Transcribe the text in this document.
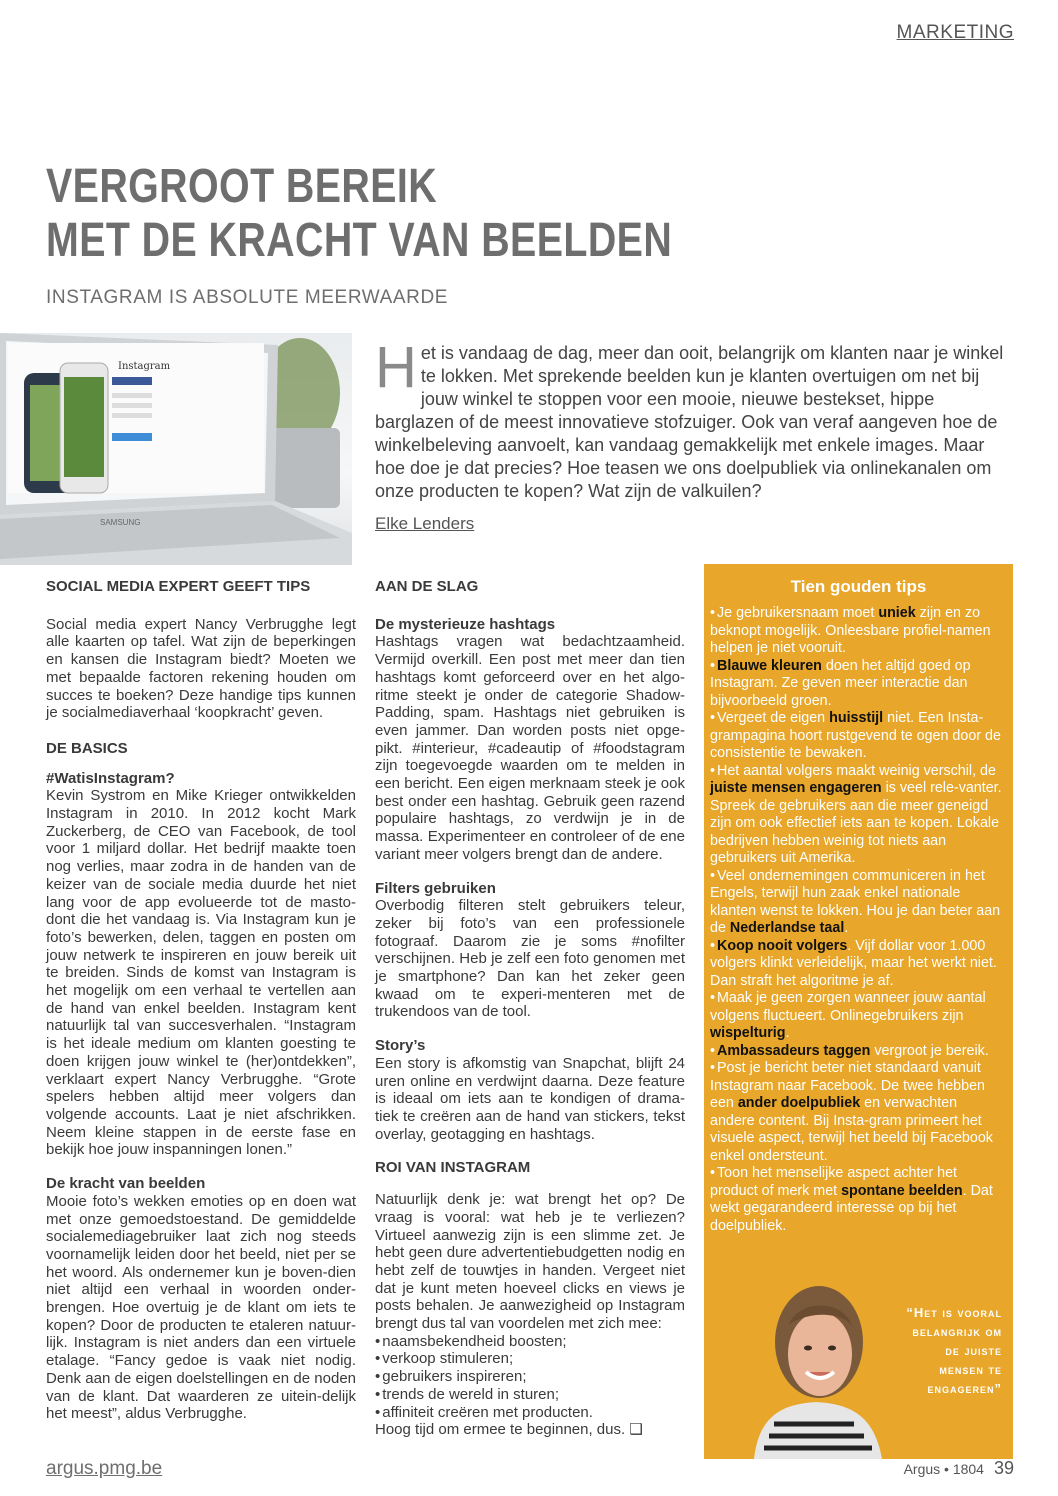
MARKETING
VERGROOT BEREIK
MET DE KRACHT VAN BEELDEN
INSTAGRAM IS ABSOLUTE MEERWAARDE
Instagram
SAMSUNG
Het is vandaag de dag, meer dan ooit, belangrijk om klanten naar je winkel te lokken. Met sprekende beelden kun je klanten overtuigen om net bij jouw winkel te stoppen voor een mooie, nieuwe bestekset, hippe barglazen of de meest innovatieve stofzuiger. Ook van veraf aangeven hoe de winkelbeleving aanvoelt, kan vandaag gemakkelijk met enkele images. Maar hoe doe je dat precies? Hoe teasen we ons doelpubliek via onlinekanalen om onze producten te kopen? Wat zijn de valkuilen?
Elke Lenders
SOCIAL MEDIA EXPERT GEEFT TIPS

Social media expert Nancy Verbrugghe legt alle kaarten op tafel. Wat zijn de beperkingen en kansen die Instagram biedt? Moeten we met bepaalde factoren rekening houden om succes te boeken? Deze handige tips kunnen je socialmediaverhaal ‘koopkracht’ geven.

DE BASICS
#WatisInstagram?

Kevin Systrom en Mike Krieger ontwikkelden Instagram in 2010. In 2012 kocht Mark Zuckerberg, de CEO van Facebook, de tool voor 1 miljard dollar. Het bedrijf maakte toen nog verlies, maar zodra in de handen van de keizer van de sociale media duurde het niet lang voor de app evolueerde tot de masto-dont die het vandaag is. Via Instagram kun je foto’s bewerken, delen, taggen en posten om jouw netwerk te inspireren en jouw bereik uit te breiden. Sinds de komst van Instagram is het mogelijk om een verhaal te vertellen aan de hand van enkel beelden. Instagram kent natuurlijk tal van succesverhalen. “Instagram is het ideale medium om klanten goesting te doen krijgen jouw winkel te (her)ontdekken”, verklaart expert Nancy Verbrugghe. “Grote spelers hebben altijd meer volgers dan volgende accounts. Laat je niet afschrikken. Neem kleine stappen in de eerste fase en bekijk hoe jouw inspanningen lonen.”

De kracht van beelden

Mooie foto’s wekken emoties op en doen wat met onze gemoedstoestand. De gemiddelde socialemediagebruiker laat zich nog steeds voornamelijk leiden door het beeld, niet per se het woord. Als ondernemer kun je boven-dien niet altijd een verhaal in woorden onder-brengen. Hoe overtuig je de klant om iets te kopen? Door de producten te etaleren natuur-lijk. Instagram is niet anders dan een virtuele etalage. “Fancy gedoe is vaak niet nodig. Denk aan de eigen doelstellingen en de noden van de klant. Dat waarderen ze uitein-delijk het meest”, aldus Verbrugghe.

AAN DE SLAG
De mysterieuze hashtags

Hashtags vragen wat bedachtzaamheid. Vermijd overkill. Een post met meer dan tien hashtags komt geforceerd over en het algo-ritme steekt je onder de categorie Shadow-Padding, spam. Hashtags niet gebruiken is even jammer. Dan worden posts niet opge-pikt. #interieur, #cadeautip of #foodstagram zijn toegevoegde waarden om te melden in een bericht. Een eigen merknaam steek je ook best onder een hashtag. Gebruik geen razend populaire hashtags, zo verdwijn je in de massa. Experimenteer en controleer of de ene variant meer volgers brengt dan de andere.

Filters gebruiken

Overbodig filteren stelt gebruikers teleur, zeker bij foto’s van een professionele fotograaf. Daarom zie je soms #nofilter verschijnen. Heb je zelf een foto genomen met je smartphone? Dan kan het zeker geen kwaad om te experi-menteren met de trukendoos van de tool.

Story’s

Een story is afkomstig van Snapchat, blijft 24 uren online en verdwijnt daarna. Deze feature is ideaal om iets aan te kondigen of drama-tiek te creëren aan de hand van stickers, tekst overlay, geotagging en hashtags.

ROI VAN INSTAGRAM

Natuurlijk denk je: wat brengt het op? De vraag is vooral: wat heb je te verliezen? Virtueel aanwezig zijn is een slimme zet. Je hebt geen dure advertentiebudgetten nodig en hebt zelf de touwtjes in handen. Vergeet niet dat je kunt meten hoeveel clicks en views je posts behalen. Je aanwezigheid op Instagram brengt dus tal van voordelen met zich mee:

• naamsbekendheid boosten;
• verkoop stimuleren;
• gebruikers inspireren;
• trends de wereld in sturen;
• affiniteit creëren met producten.

Hoog tijd om ermee te beginnen, dus. ❑

Tien gouden tips
• Je gebruikersnaam moet uniek zijn en zo beknopt mogelijk. Onleesbare profiel-namen helpen je niet vooruit.
• Blauwe kleuren doen het altijd goed op Instagram. Ze geven meer interactie dan bijvoorbeeld groen.
• Vergeet de eigen huisstijl niet. Een Insta-grampagina hoort rustgevend te ogen door de consistentie te bewaken.
• Het aantal volgers maakt weinig verschil, de juiste mensen engageren is veel rele-vanter. Spreek de gebruikers aan die meer geneigd zijn om ook effectief iets aan te kopen. Lokale bedrijven hebben weinig tot niets aan gebruikers uit Amerika.
• Veel ondernemingen communiceren in het Engels, terwijl hun zaak enkel nationale klanten wenst te lokken. Hou je dan beter aan de Nederlandse taal.
• Koop nooit volgers. Vijf dollar voor 1.000 volgers klinkt verleidelijk, maar het werkt niet. Dan straft het algoritme je af.
• Maak je geen zorgen wanneer jouw aantal volgens fluctueert. Onlinegebruikers zijn wispelturig.
• Ambassadeurs taggen vergroot je bereik.
• Post je bericht beter niet standaard vanuit Instagram naar Facebook. De twee hebben een ander doelpubliek en verwachten andere content. Bij Insta-gram primeert het visuele aspect, terwijl het beeld bij Facebook enkel ondersteunt.
• Toon het menselijke aspect achter het product of merk met spontane beelden. Dat wekt gegarandeerd interesse op bij het doelpubliek.
“Het is vooral belangrijk om de juiste mensen te engageren”
argus.pmg.be	Argus • 1804 39
